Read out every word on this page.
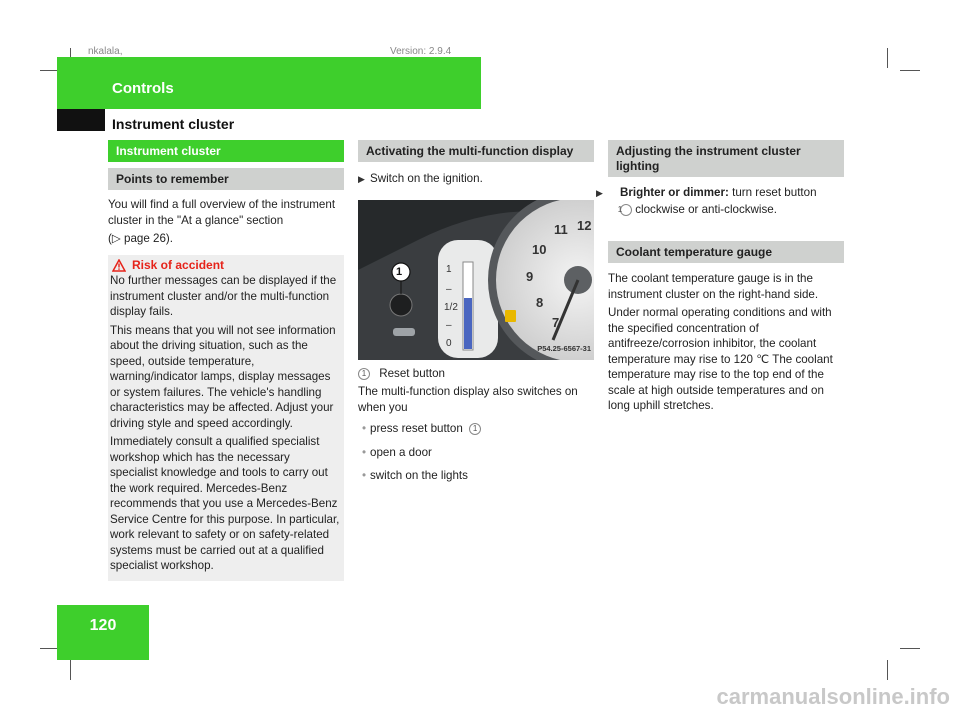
nkalala,	Version: 2.9.4
Controls
Instrument cluster
Instrument cluster
Points to remember

You will find a full overview of the instrument cluster in the "At a glance" section

(▷ page 26).

Risk of accident

No further messages can be displayed if the instrument cluster and/or the multi-function display fails.

This means that you will not see information about the driving situation, such as the speed, outside temperature, warning/indicator lamps, display messages or system failures. The vehicle's handling characteristics may be affected. Adjust your driving style and speed accordingly.

Immediately consult a qualified specialist workshop which has the necessary specialist knowledge and tools to carry out the work required. Mercedes-Benz recommends that you use a Mercedes-Benz Service Centre for this purpose. In particular, work relevant to safety or on safety-related systems must be carried out at a qualified specialist workshop.

Activating the multi-function display

▶ Switch on the ignition.

1	1
–
1/2
–
0
12
11
10
9
8
7
P54.25-6567-31

1 Reset button

The multi-function display also switches on when you

• press reset button 1

• open a door

• switch on the lights

Adjusting the instrument cluster lighting

▶ Brighter or dimmer: turn reset button
1 clockwise or anti-clockwise.

Coolant temperature gauge

The coolant temperature gauge is in the instrument cluster on the right-hand side.

Under normal operating conditions and with the specified concentration of antifreeze/corrosion inhibitor, the coolant temperature may rise to 120 ℃ The coolant temperature may rise to the top end of the scale at high outside temperatures and on long uphill stretches.

120
carmanualsonline.info
